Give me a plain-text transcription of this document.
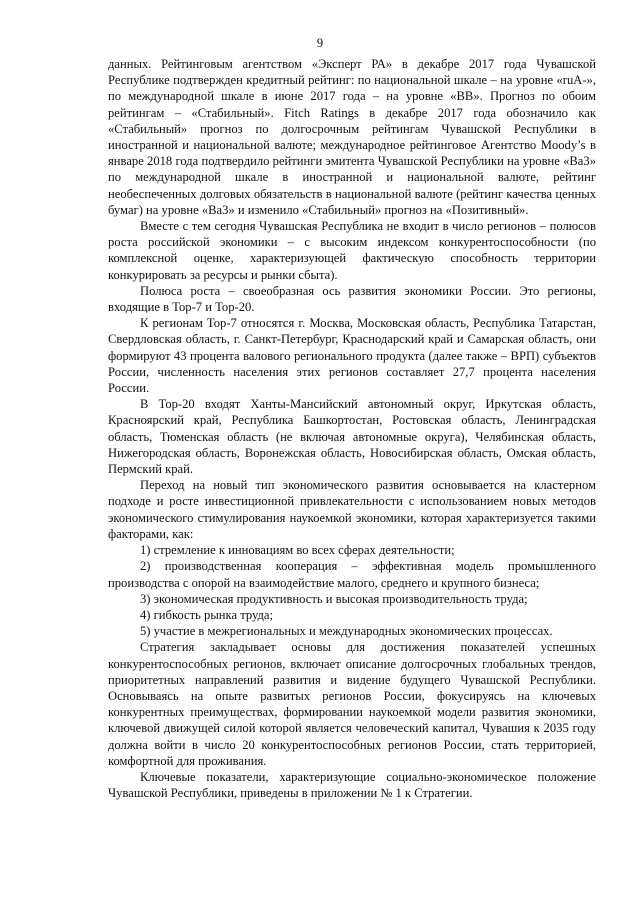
9

данных. Рейтинговым агентством «Эксперт РА» в декабре 2017 года Чувашской Республике подтвержден кредитный рейтинг: по национальной шкале – на уровне «ruA-», по международной шкале в июне 2017 года – на уровне «BB». Прогноз по обоим рейтингам – «Стабильный». Fitch Ratings в декабре 2017 года обозначило как «Стабильный» прогноз по долгосрочным рейтингам Чувашской Республики в иностранной и национальной валюте; международное рейтинговое Агентство Moody’s в январе 2018 года подтвердило рейтинги эмитента Чувашской Республики на уровне «Ba3» по международной шкале в иностранной и национальной валюте, рейтинг необеспеченных долговых обязательств в национальной валюте (рейтинг качества ценных бумаг) на уровне «Ba3» и изменило «Стабильный» прогноз на «Позитивный».

Вместе с тем сегодня Чувашская Республика не входит в число регионов – полюсов роста российской экономики – с высоким индексом конкурентоспособности (по комплексной оценке, характеризующей фактическую способность территории конкурировать за ресурсы и рынки сбыта).

Полюса роста – своеобразная ось развития экономики России. Это регионы, входящие в Top-7 и Top-20.

К регионам Top-7 относятся г. Москва, Московская область, Республика Татарстан, Свердловская область, г. Санкт-Петербург, Краснодарский край и Самарская область, они формируют 43 процента валового регионального продукта (далее также – ВРП) субъектов России, численность населения этих регионов составляет 27,7 процента населения России.

В Top-20 входят Ханты-Мансийский автономный округ, Иркутская область, Красноярский край, Республика Башкортостан, Ростовская область, Ленинградская область, Тюменская область (не включая автономные округа), Челябинская область, Нижегородская область, Воронежская область, Новосибирская область, Омская область, Пермский край.

Переход на новый тип экономического развития основывается на кластерном подходе и росте инвестиционной привлекательности с использованием новых методов экономического стимулирования наукоемкой экономики, которая характеризуется такими факторами, как:

1) стремление к инновациям во всех сферах деятельности;

2) производственная кооперация – эффективная модель промышленного производства с опорой на взаимодействие малого, среднего и крупного бизнеса;

3) экономическая продуктивность и высокая производительность труда;

4) гибкость рынка труда;

5) участие в межрегиональных и международных экономических процессах.

Стратегия закладывает основы для достижения показателей успешных конкурентоспособных регионов, включает описание долгосрочных глобальных трендов, приоритетных направлений развития и видение будущего Чувашской Республики. Основываясь на опыте развитых регионов России, фокусируясь на ключевых конкурентных преимуществах, формировании наукоемкой модели развития экономики, ключевой движущей силой которой является человеческий капитал, Чувашия к 2035 году должна войти в число 20 конкурентоспособных регионов России, стать территорией, комфортной для проживания.

Ключевые показатели, характеризующие социально-экономическое положение Чувашской Республики, приведены в приложении № 1 к Стратегии.
